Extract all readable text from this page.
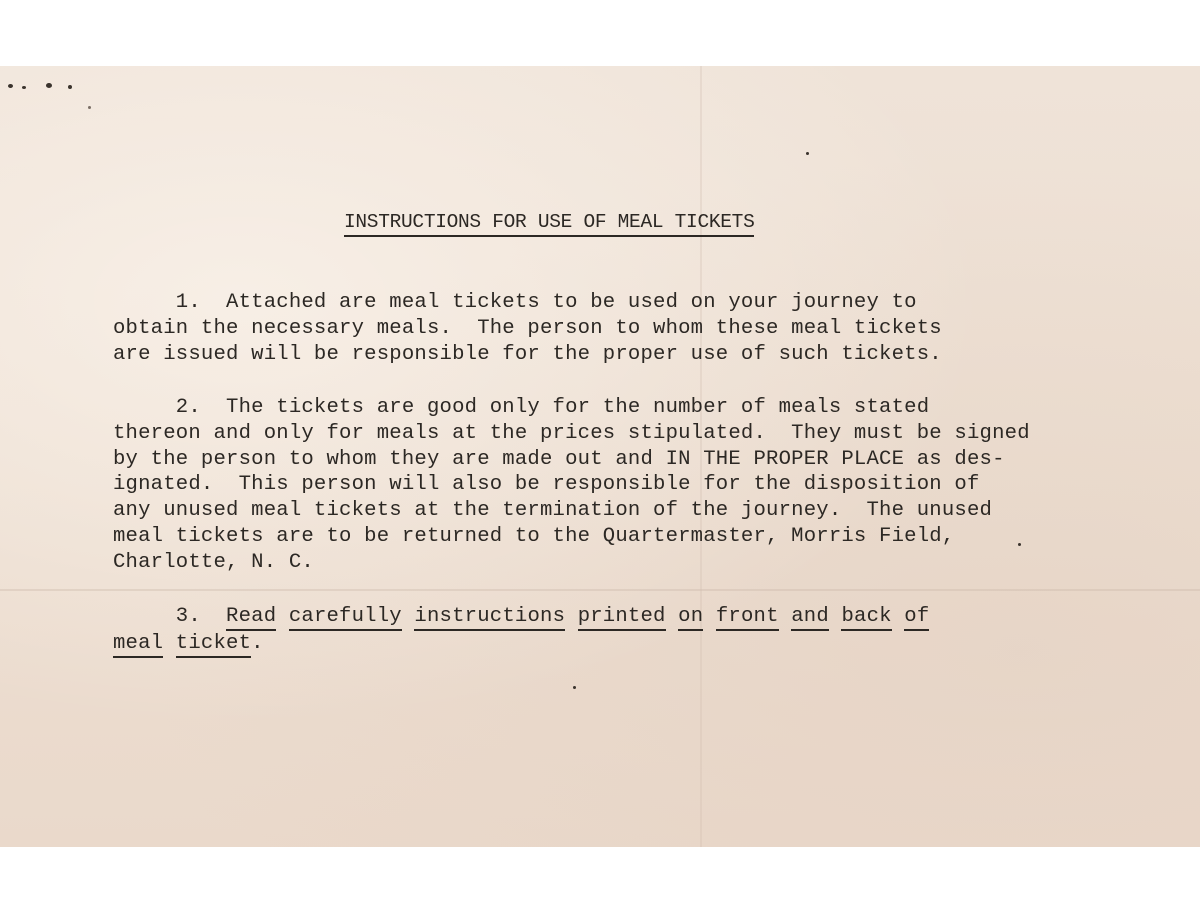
INSTRUCTIONS FOR USE OF MEAL TICKETS
1.  Attached are meal tickets to be used on your journey to
obtain the necessary meals.  The person to whom these meal tickets
are issued will be responsible for the proper use of such tickets.
2.  The tickets are good only for the number of meals stated
thereon and only for meals at the prices stipulated.  They must be signed
by the person to whom they are made out and IN THE PROPER PLACE as des-
ignated.  This person will also be responsible for the disposition of
any unused meal tickets at the termination of the journey.  The unused
meal tickets are to be returned to the Quartermaster, Morris Field,
Charlotte, N. C.
3.  Read carefully instructions printed on front and back of
meal ticket.
